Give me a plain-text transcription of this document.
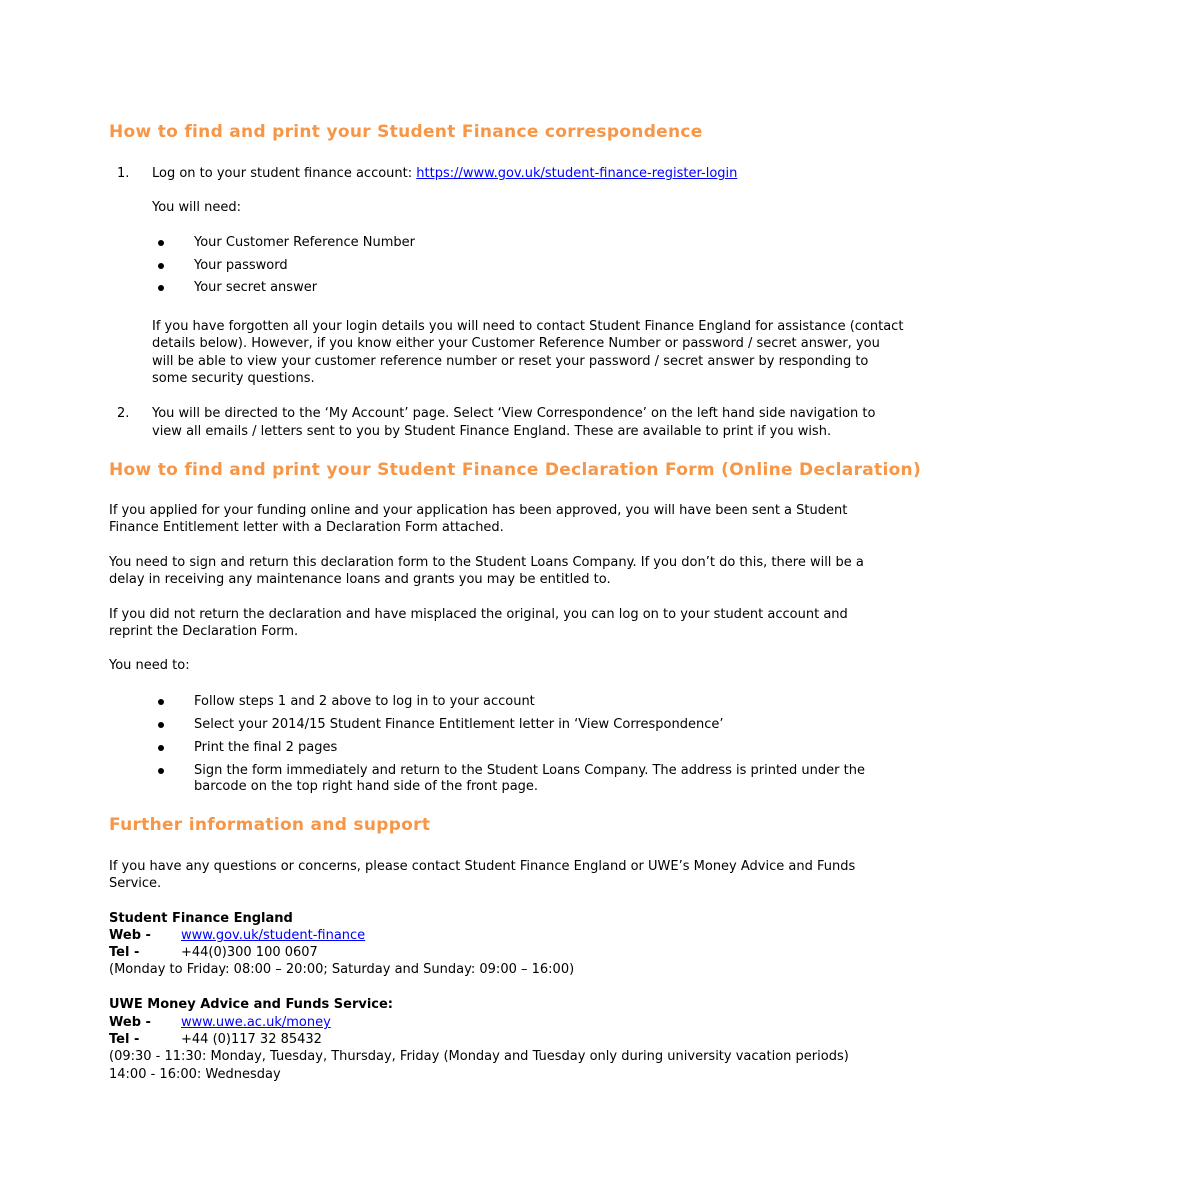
How to find and print your Student Finance correspondence
1. Log on to your student finance account: https://www.gov.uk/student-finance-register-login

You will need:

Your Customer Reference Number

Your password

Your secret answer

If you have forgotten all your login details you will need to contact Student Finance England for assistance (contact

details below). However, if you know either your Customer Reference Number or password / secret answer, you

will be able to view your customer reference number or reset your password / secret answer by responding to

some security questions.

2. You will be directed to the ‘My Account’ page. Select ‘View Correspondence’ on the left hand side navigation to

view all emails / letters sent to you by Student Finance England. These are available to print if you wish.

How to find and print your Student Finance Declaration Form (Online Declaration)

If you applied for your funding online and your application has been approved, you will have been sent a Student

Finance Entitlement letter with a Declaration Form attached.

You need to sign and return this declaration form to the Student Loans Company. If you don’t do this, there will be a

delay in receiving any maintenance loans and grants you may be entitled to.

If you did not return the declaration and have misplaced the original, you can log on to your student account and

reprint the Declaration Form.

You need to:

Follow steps 1 and 2 above to log in to your account

Select your 2014/15 Student Finance Entitlement letter in ‘View Correspondence’

Print the final 2 pages

Sign the form immediately and return to the Student Loans Company. The address is printed under the

barcode on the top right hand side of the front page.

Further information and support

If you have any questions or concerns, please contact Student Finance England or UWE’s Money Advice and Funds

Service.

Student Finance England

Web - www.gov.uk/student-finance

Tel -	+44(0)300 100 0607

(Monday to Friday: 08:00 – 20:00; Saturday and Sunday: 09:00 – 16:00)

UWE Money Advice and Funds Service:

Web - www.uwe.ac.uk/money

Tel -	+44 (0)117 32 85432

(09:30 - 11:30: Monday, Tuesday, Thursday, Friday (Monday and Tuesday only during university vacation periods)

14:00 - 16:00: Wednesday
